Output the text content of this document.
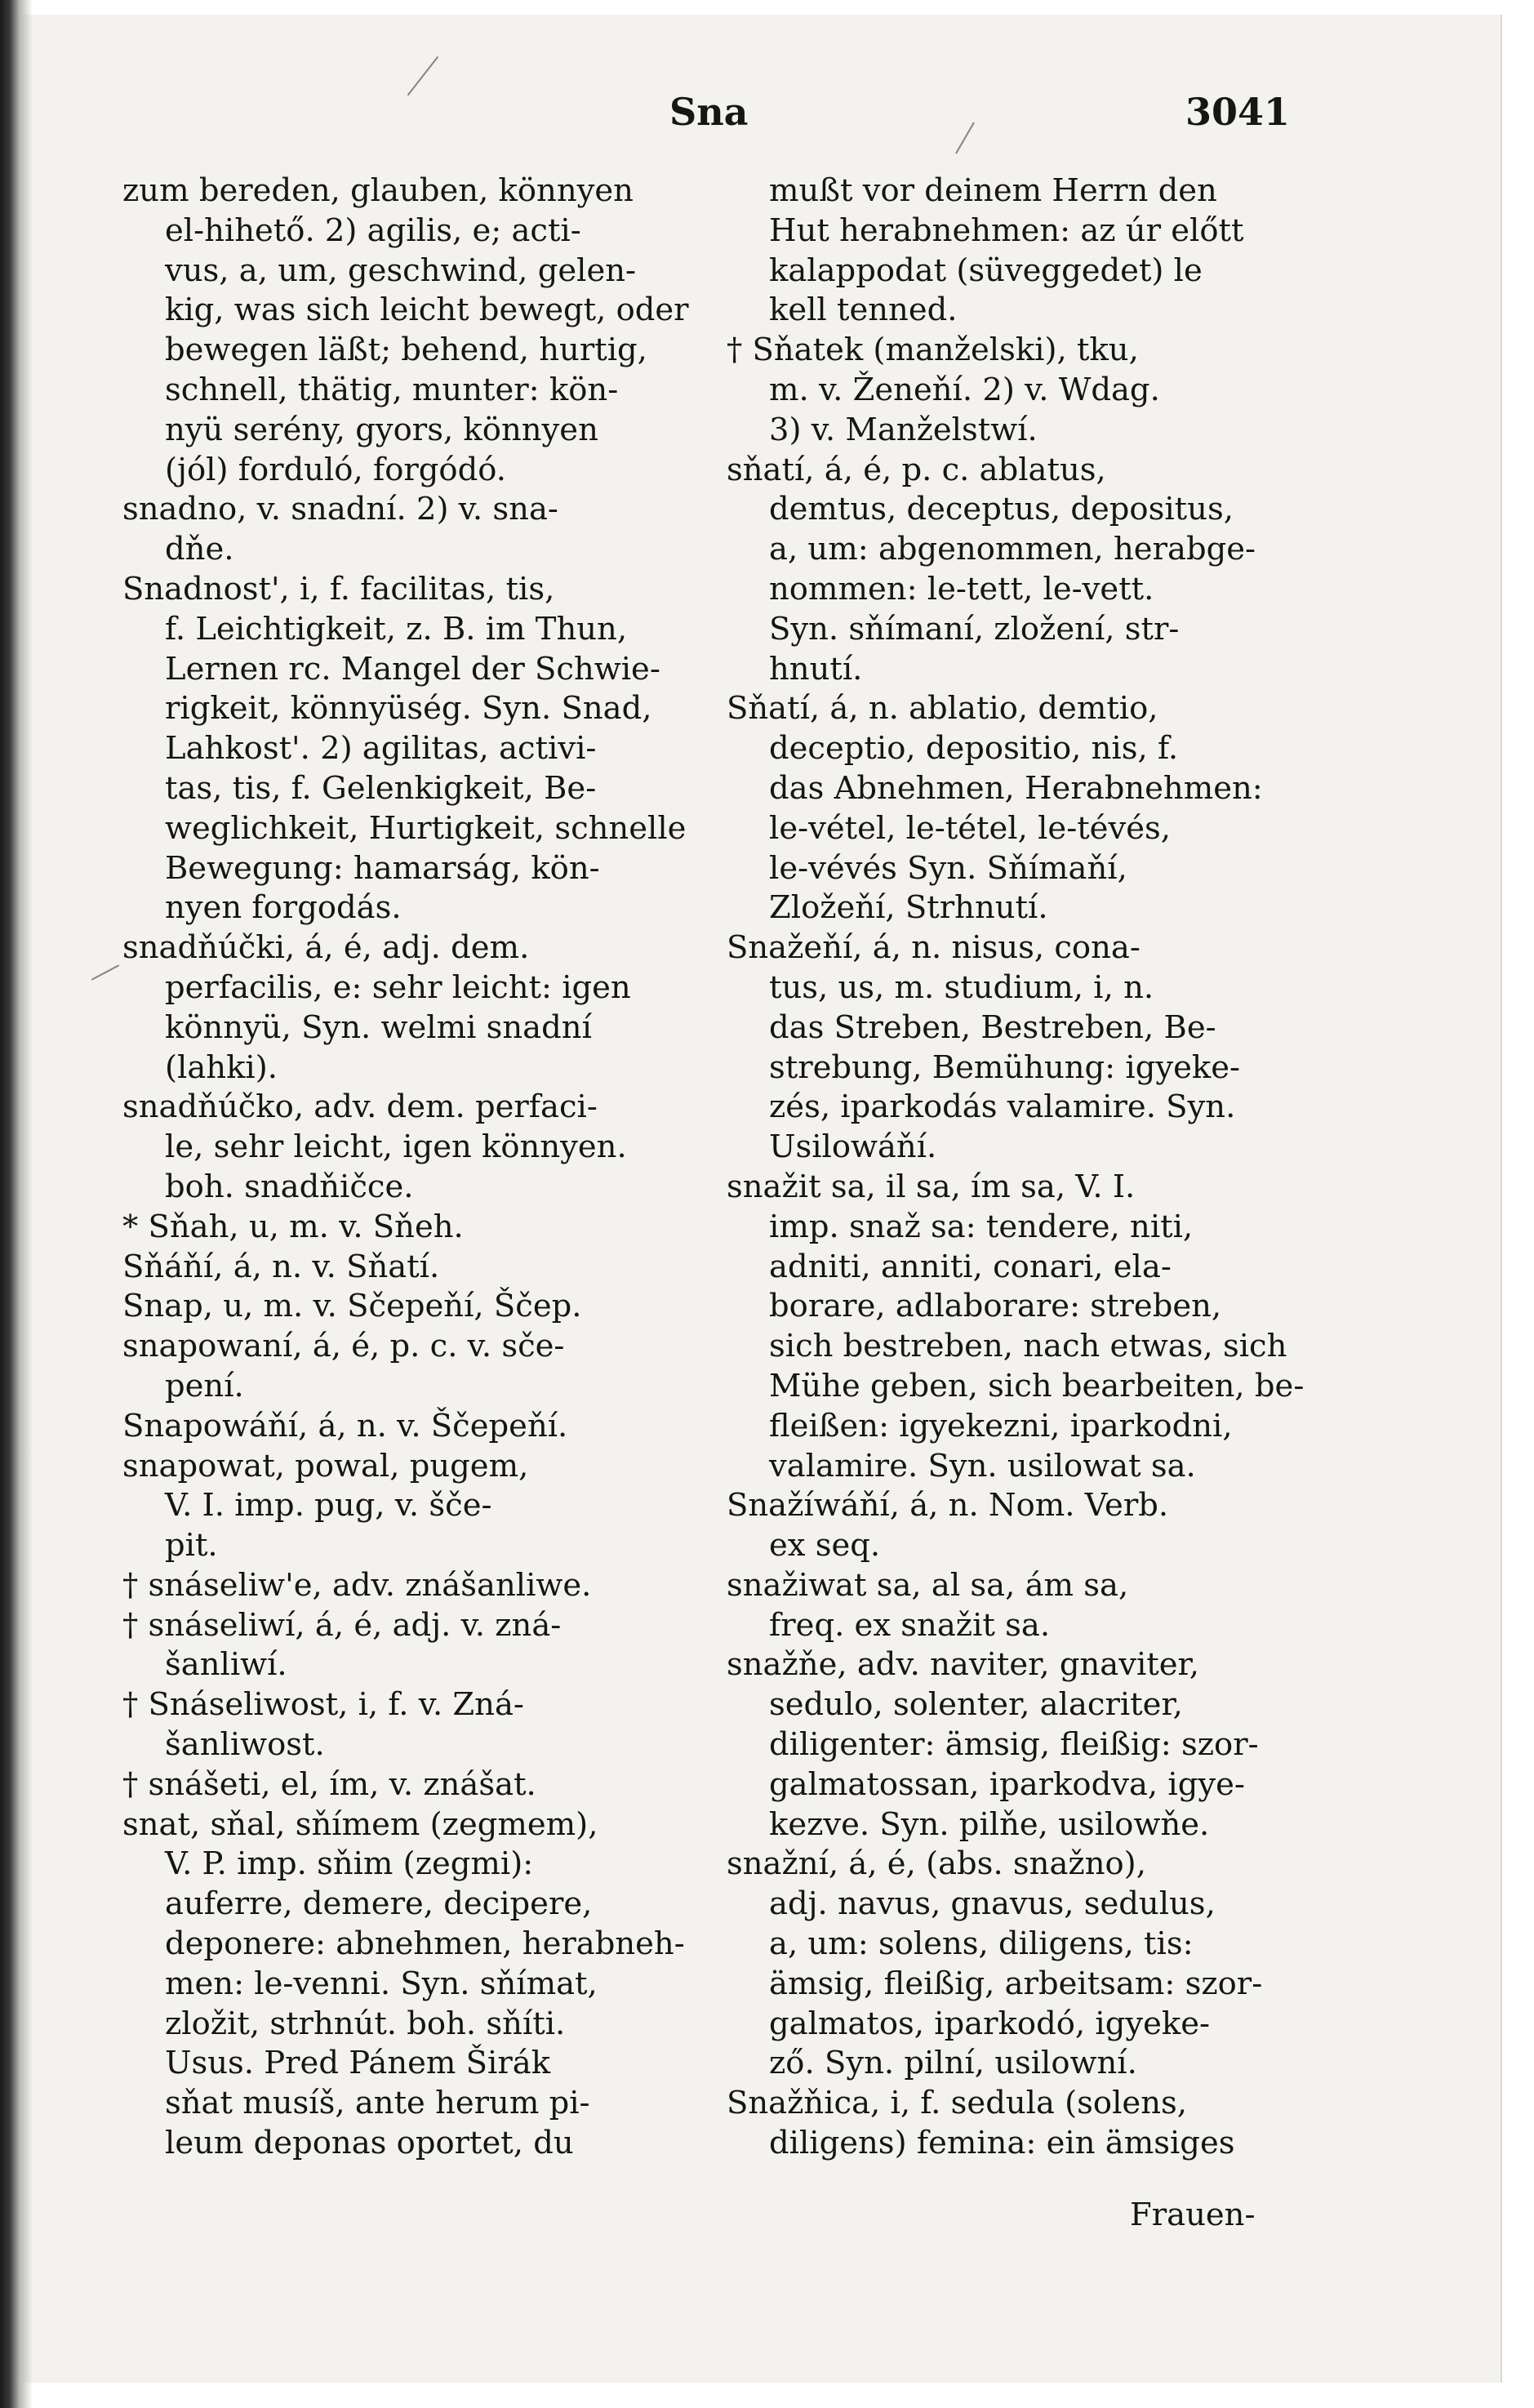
Sna	3041
zum bereden, glauben, könnyen
el-hihető. 2) agilis, e; acti-
vus, a, um, geschwind, gelen-
kig, was sich leicht bewegt, oder
bewegen läßt; behend, hurtig,
schnell, thätig, munter: kön-
nyü serény, gyors, könnyen
(jól) forduló, forgódó.
snadno, v. snadní. 2) v. sna-
dňe.
Snadnost', i, f. facilitas, tis,
f. Leichtigkeit, z. B. im Thun,
Lernen rc. Mangel der Schwie-
rigkeit, könnyüség. Syn. Snad,
Lahkost'. 2) agilitas, activi-
tas, tis, f. Gelenkigkeit, Be-
weglichkeit, Hurtigkeit, schnelle
Bewegung: hamarság, kön-
nyen forgodás.
snadňúčki, á, é, adj. dem.
perfacilis, e: sehr leicht: igen
könnyü, Syn. welmi snadní
(lahki).
snadňúčko, adv. dem. perfaci-
le, sehr leicht, igen könnyen.
boh. snadňičce.
* Sňah, u, m. v. Sňeh.
Sňáňí, á, n. v. Sňatí.
Snap, u, m. v. Sčepeňí, Ščep.
snapowaní, á, é, p. c. v. sče-
pení.
Snapowáňí, á, n. v. Ščepeňí.
snapowat, powal, pugem,
V. I. imp. pug, v. šče-
pit.
† snáseliw'e, adv. znášanliwe.
† snáseliwí, á, é, adj. v. zná-
šanliwí.
† Snáseliwost, i, f. v. Zná-
šanliwost.
† snášeti, el, ím, v. znášat.
snat, sňal, sňímem (zegmem),
V. P. imp. sňim (zegmi):
auferre, demere, decipere,
deponere: abnehmen, herabneh-
men: le-venni. Syn. sňímat,
zložit, strhnút. boh. sňíti.
Usus. Pred Pánem Širák
sňat musíš, ante herum pi-
leum deponas oportet, du
mußt vor deinem Herrn den
Hut herabnehmen: az úr előtt
kalappodat (süveggedet) le
kell tenned.
† Sňatek (manželski), tku,
m. v. Ženeňí. 2) v. Wdag.
3) v. Manželstwí.
sňatí, á, é, p. c. ablatus,
demtus, deceptus, depositus,
a, um: abgenommen, herabge-
nommen: le-tett, le-vett.
Syn. sňímaní, zložení, str-
hnutí.
Sňatí, á, n. ablatio, demtio,
deceptio, depositio, nis, f.
das Abnehmen, Herabnehmen:
le-vétel, le-tétel, le-tévés,
le-vévés Syn. Sňímaňí,
Zložeňí, Strhnutí.
Snažeňí, á, n. nisus, cona-
tus, us, m. studium, i, n.
das Streben, Bestreben, Be-
strebung, Bemühung: igyeke-
zés, iparkodás valamire. Syn.
Usilowáňí.
snažit sa, il sa, ím sa, V. I.
imp. snaž sa: tendere, niti,
adniti, anniti, conari, ela-
borare, adlaborare: streben,
sich bestreben, nach etwas, sich
Mühe geben, sich bearbeiten, be-
fleißen: igyekezni, iparkodni,
valamire. Syn. usilowat sa.
Snažíwáňí, á, n. Nom. Verb.
ex seq.
snažiwat sa, al sa, ám sa,
freq. ex snažit sa.
snažňe, adv. naviter, gnaviter,
sedulo, solenter, alacriter,
diligenter: ämsig, fleißig: szor-
galmatossan, iparkodva, igye-
kezve. Syn. pilňe, usilowňe.
snažní, á, é, (abs. snažno),
adj. navus, gnavus, sedulus,
a, um: solens, diligens, tis:
ämsig, fleißig, arbeitsam: szor-
galmatos, iparkodó, igyeke-
ző. Syn. pilní, usilowní.
Snažňica, i, f. sedula (solens,
diligens) femina: ein ämsiges
Frauen-
